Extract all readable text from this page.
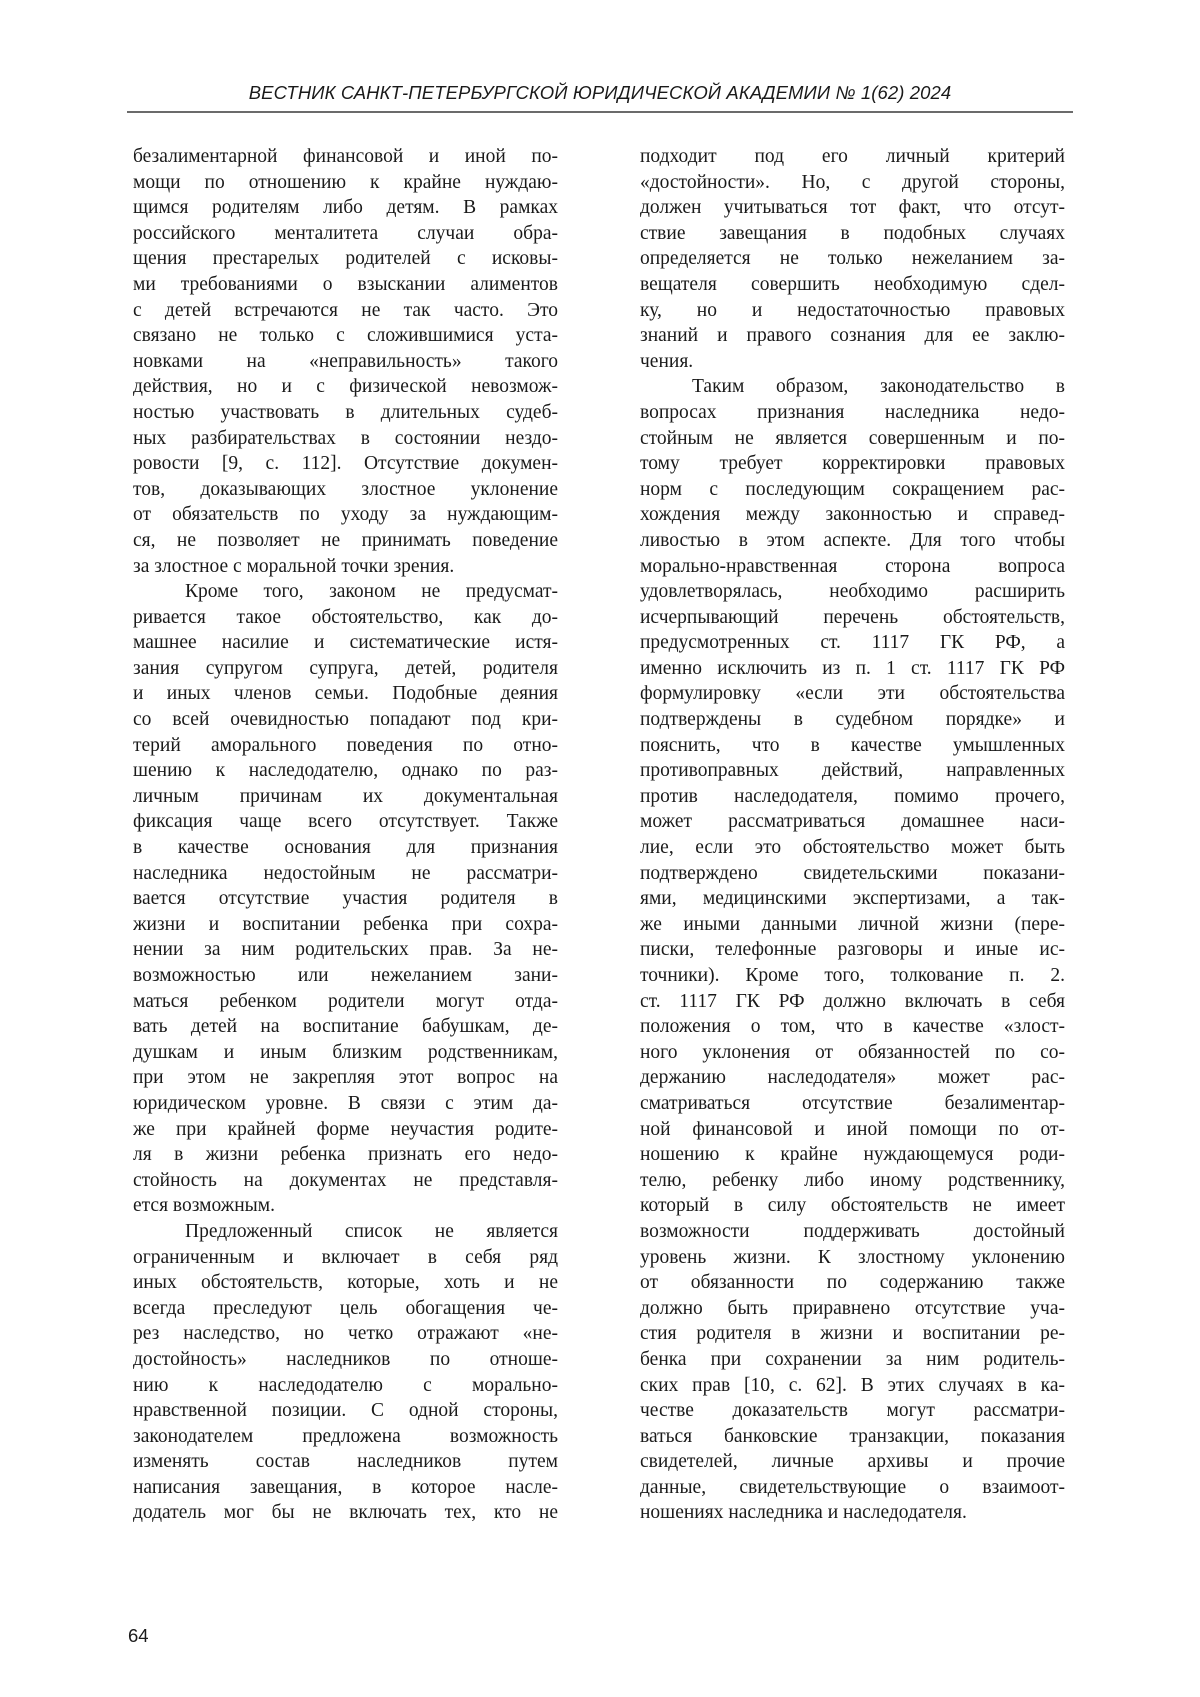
ВЕСТНИК САНКТ-ПЕТЕРБУРГСКОЙ ЮРИДИЧЕСКОЙ АКАДЕМИИ № 1(62) 2024
безалиментарной финансовой и иной по-
мощи по отношению к крайне нуждаю-
щимся родителям либо детям. В рамках
российского менталитета случаи обра-
щения престарелых родителей с исковы-
ми требованиями о взыскании алиментов
с детей встречаются не так часто. Это
связано не только с сложившимися уста-
новками на «неправильность» такого
действия, но и с физической невозмож-
ностью участвовать в длительных судеб-
ных разбирательствах в состоянии нездо-
ровости [9, с. 112]. Отсутствие докумен-
тов, доказывающих злостное уклонение
от обязательств по уходу за нуждающим-
ся, не позволяет не принимать поведение
за злостное с моральной точки зрения.
Кроме того, законом не предусмат-
ривается такое обстоятельство, как до-
машнее насилие и систематические истя-
зания супругом супруга, детей, родителя
и иных членов семьи. Подобные деяния
со всей очевидностью попадают под кри-
терий аморального поведения по отно-
шению к наследодателю, однако по раз-
личным причинам их документальная
фиксация чаще всего отсутствует. Также
в качестве основания для признания
наследника недостойным не рассматри-
вается отсутствие участия родителя в
жизни и воспитании ребенка при сохра-
нении за ним родительских прав. За не-
возможностью или нежеланием зани-
маться ребенком родители могут отда-
вать детей на воспитание бабушкам, де-
душкам и иным близким родственникам,
при этом не закрепляя этот вопрос на
юридическом уровне. В связи с этим да-
же при крайней форме неучастия родите-
ля в жизни ребенка признать его недо-
стойность на документах не представля-
ется возможным.
Предложенный список не является
ограниченным и включает в себя ряд
иных обстоятельств, которые, хоть и не
всегда преследуют цель обогащения че-
рез наследство, но четко отражают «не-
достойность» наследников по отноше-
нию к наследодателю с морально-
нравственной позиции. С одной стороны,
законодателем предложена возможность
изменять состав наследников путем
написания завещания, в которое насле-
додатель мог бы не включать тех, кто не
подходит под его личный критерий
«достойности». Но, с другой стороны,
должен учитываться тот факт, что отсут-
ствие завещания в подобных случаях
определяется не только нежеланием за-
вещателя совершить необходимую сдел-
ку, но и недостаточностью правовых
знаний и правого сознания для ее заклю-
чения.
Таким образом, законодательство в
вопросах признания наследника недо-
стойным не является совершенным и по-
тому требует корректировки правовых
норм с последующим сокращением рас-
хождения между законностью и справед-
ливостью в этом аспекте. Для того чтобы
морально-нравственная сторона вопроса
удовлетворялась, необходимо расширить
исчерпывающий перечень обстоятельств,
предусмотренных ст. 1117 ГК РФ, а
именно исключить из п. 1 ст. 1117 ГК РФ
формулировку «если эти обстоятельства
подтверждены в судебном порядке» и
пояснить, что в качестве умышленных
противоправных действий, направленных
против наследодателя, помимо прочего,
может рассматриваться домашнее наси-
лие, если это обстоятельство может быть
подтверждено свидетельскими показани-
ями, медицинскими экспертизами, а так-
же иными данными личной жизни (пере-
писки, телефонные разговоры и иные ис-
точники). Кроме того, толкование п. 2.
ст. 1117 ГК РФ должно включать в себя
положения о том, что в качестве «злост-
ного уклонения от обязанностей по со-
держанию наследодателя» может рас-
сматриваться отсутствие безалиментар-
ной финансовой и иной помощи по от-
ношению к крайне нуждающемуся роди-
телю, ребенку либо иному родственнику,
который в силу обстоятельств не имеет
возможности поддерживать достойный
уровень жизни. К злостному уклонению
от обязанности по содержанию также
должно быть приравнено отсутствие уча-
стия родителя в жизни и воспитании ре-
бенка при сохранении за ним родитель-
ских прав [10, с. 62]. В этих случаях в ка-
честве доказательств могут рассматри-
ваться банковские транзакции, показания
свидетелей, личные архивы и прочие
данные, свидетельствующие о взаимоот-
ношениях наследника и наследодателя.
64
